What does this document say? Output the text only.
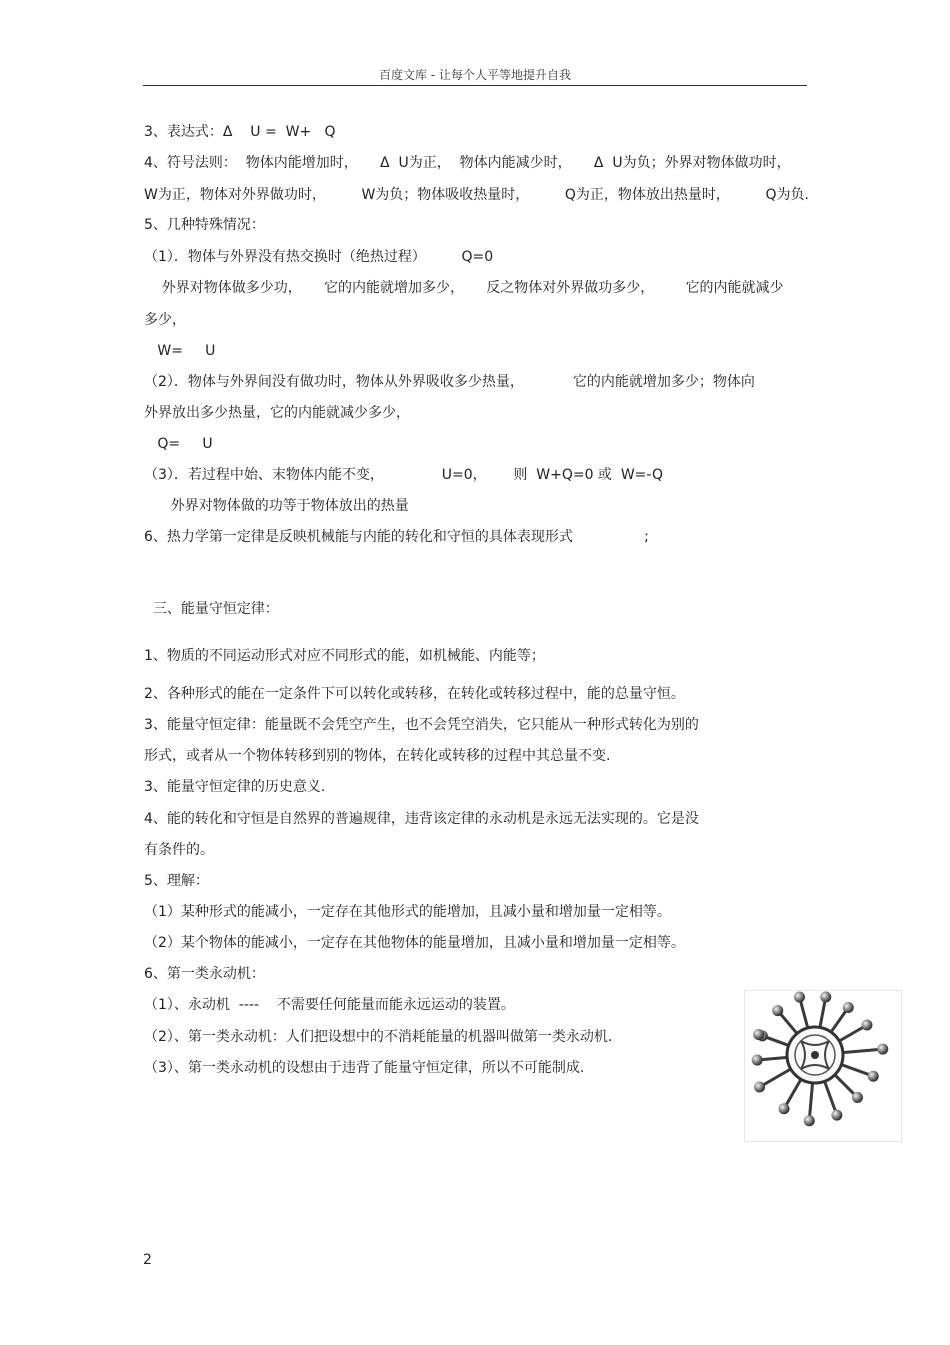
百度文库 - 让每个人平等地提升自我
3、表达式：Δ    U =  W+   Q
4、符号法则：  物体内能增加时，     Δ  U为正，  物体内能减少时，     Δ  U为负；外界对物体做功时，
W为正，物体对外界做功时，        W为负；物体吸收热量时，        Q为正，物体放出热量时，        Q为负.
5、几种特殊情况：
（1）．物体与外界没有热交换时（绝热过程）        Q=0
外界对物体做多少功，     它的内能就增加多少，     反之物体对外界做功多少，       它的内能就减少
多少，
W=     U
（2）．物体与外界间没有做功时，物体从外界吸收多少热量，           它的内能就增加多少；物体向
外界放出多少热量，它的内能就减少多少，
Q=     U
（3）．若过程中始、末物体内能不变，             U=0，      则  W+Q=0 或  W=-Q
外界对物体做的功等于物体放出的热量
6、热力学第一定律是反映机械能与内能的转化和守恒的具体表现形式                ;
三、能量守恒定律：
1、物质的不同运动形式对应不同形式的能，如机械能、内能等；
2、各种形式的能在一定条件下可以转化或转移，在转化或转移过程中，能的总量守恒。
3、能量守恒定律：能量既不会凭空产生，也不会凭空消失，它只能从一种形式转化为别的
形式，或者从一个物体转移到别的物体，在转化或转移的过程中其总量不变.
3、能量守恒定律的历史意义.
4、能的转化和守恒是自然界的普遍规律，违背该定律的永动机是永远无法实现的。它是没
有条件的。
5、理解：
（1）某种形式的能减小，一定存在其他形式的能增加，且减小量和增加量一定相等。
（2）某个物体的能减小，一定存在其他物体的能量增加，且减小量和增加量一定相等。
6、第一类永动机：
（1）、永动机  ----    不需要任何能量而能永远运动的装置。
（2）、第一类永动机：人们把设想中的不消耗能量的机器叫做第一类永动机.
（3）、第一类永动机的设想由于违背了能量守恒定律，所以不可能制成.
2
